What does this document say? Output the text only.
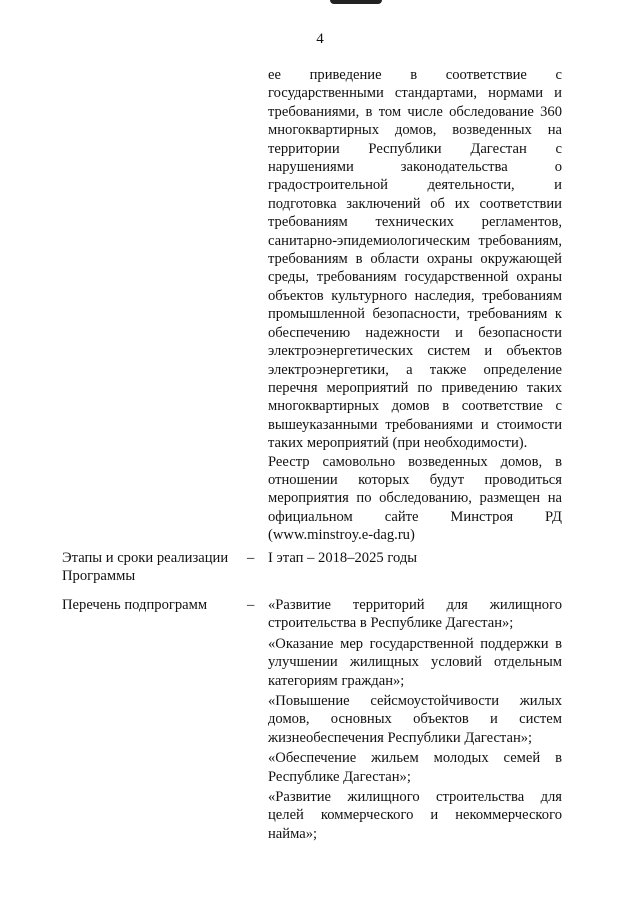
4

ее приведение в соответствие с государственными стандартами, нормами и требованиями, в том числе обследование 360 многоквартирных домов, возведенных на территории Республики Дагестан с нарушениями законодательства о градостроительной деятельности, и подготовка заключений об их соответствии требованиям технических регламентов, санитарно-эпидемиологическим требованиям, требованиям в области охраны окружающей среды, требованиям государственной охраны объектов культурного наследия, требованиям промышленной безопасности, требованиям к обеспечению надежности и безопасности электроэнергетических систем и объектов электроэнергетики, а также определение перечня мероприятий по приведению таких многоквартирных домов в соответствие с вышеуказанными требованиями и стоимости таких мероприятий (при необходимости).

Реестр самовольно возведенных домов, в отношении которых будут проводиться мероприятия по обследованию, размещен на официальном сайте Минстроя РД (www.minstroy.e-dag.ru)

Этапы и сроки реализации Программы
– I этап – 2018–2025 годы
Перечень подпрограмм	– «Развитие территорий для жилищного строительства в Республике Дагестан»;

«Оказание мер государственной поддержки в улучшении жилищных условий отдельным категориям граждан»;

«Повышение сейсмоустойчивости жилых домов, основных объектов и систем жизнеобеспечения Республики Дагестан»;

«Обеспечение жильем молодых семей в Республике Дагестан»;

«Развитие жилищного строительства для целей коммерческого и некоммерческого найма»;
